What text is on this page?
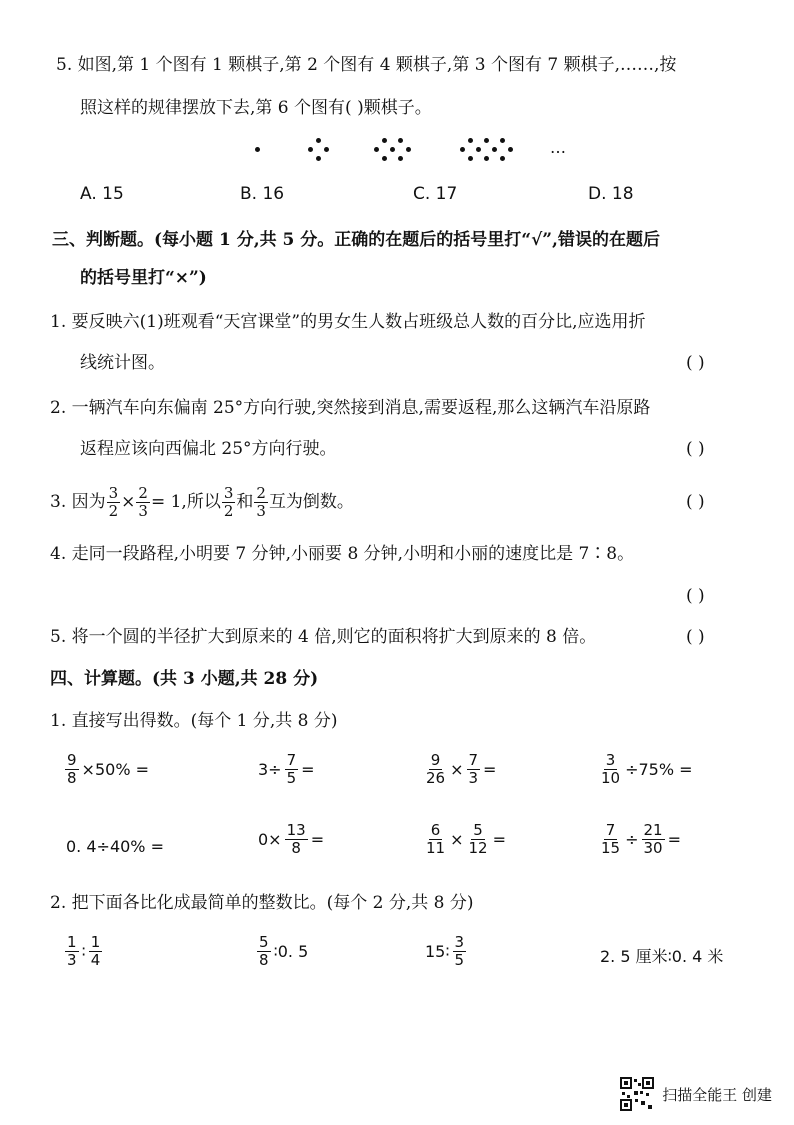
5. 如图,第 1 个图有 1 颗棋子,第 2 个图有 4 颗棋子,第 3 个图有 7 颗棋子,……,按
照这样的规律摆放下去,第 6 个图有( )颗棋子。
…
A. 15	B. 16	C. 17	D. 18
三、判断题。(每小题 1 分,共 5 分。正确的在题后的括号里打“√”,错误的在题后
的括号里打“×”)
1. 要反映六(1)班观看“天宫课堂”的男女生人数占班级总人数的百分比,应选用折
线统计图。	( )
2. 一辆汽车向东偏南 25°方向行驶,突然接到消息,需要返程,那么这辆汽车沿原路
返程应该向西偏北 25°方向行驶。	( )
3. 因为 $\frac{3}{2} \times \frac{2}{3} = 1$,所以 $\frac{3}{2}$ 和 $\frac{2}{3}$ 互为倒数。	( )
4. 走同一段路程,小明要 7 分钟,小丽要 8 分钟,小明和小丽的速度比是 7∶8。
( )
5. 将一个圆的半径扩大到原来的 4 倍,则它的面积将扩大到原来的 8 倍。	( )
四、计算题。(共 3 小题,共 28 分)
1. 直接写出得数。(每个 1 分,共 8 分)
$\frac{9}{8} \times 50\%$ =	$3\div \frac{7}{5}$ =	$\frac{9}{26} \times \frac{7}{3}$ =	$\frac{3}{10} \div 75\%$ =
0. 4÷40% =	$0\times \frac{13}{8}$ =	$\frac{6}{11} \times \frac{5}{12}$ =	$\frac{7}{15} \div \frac{21}{30}$ =
2. 把下面各比化成最简单的整数比。(每个 2 分,共 8 分)
$\frac{1}{3}$ ∶ $\frac{1}{4}$	$\frac{5}{8}$ ∶0. 5	15∶ $\frac{3}{5}$	2. 5 厘米∶0. 4 米
扫描全能王 创建
